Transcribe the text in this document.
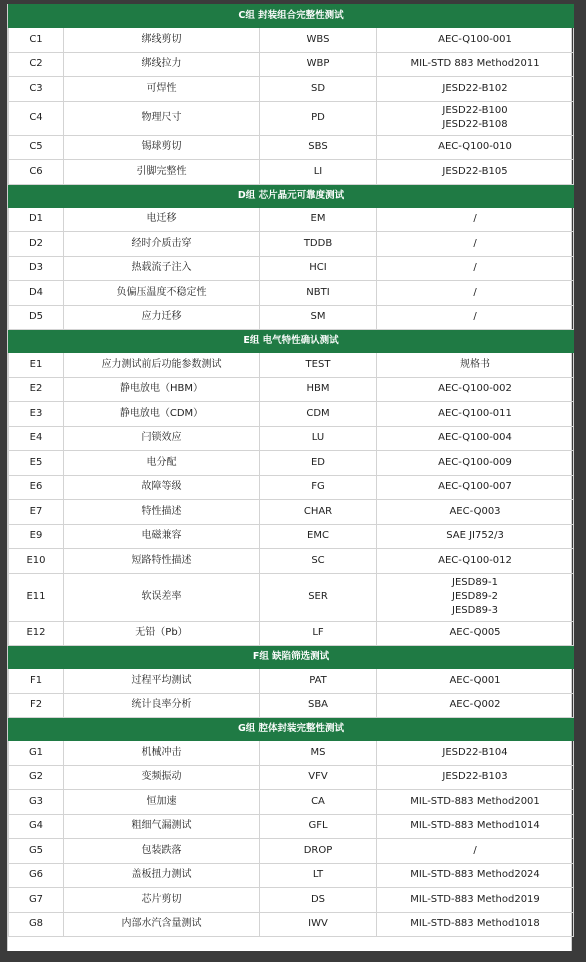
C组 封装组合完整性测试			
C1	绑线剪切	WBS	AEC-Q100-001

C2	绑线拉力	WBP	MIL-STD 883 Method2011

C3	可焊性	SD	JESD22-B102

C4	物理尺寸	PD	JESD22-B100
JESD22-B108

C5	锡球剪切	SBS	AEC-Q100-010

C6	引脚完整性	LI	JESD22-B105

D组 芯片晶元可靠度测试			
D1	电迁移	EM	/

D2	经时介质击穿	TDDB	/

D3	热载流子注入	HCI	/

D4	负偏压温度不稳定性	NBTI	/

D5	应力迁移	SM	/

E组 电气特性确认测试			
E1	应力测试前后功能参数测试	TEST	规格书

E2	静电放电（HBM）	HBM	AEC-Q100-002

E3	静电放电（CDM）	CDM	AEC-Q100-011

E4	闩锁效应	LU	AEC-Q100-004

E5	电分配	ED	AEC-Q100-009

E6	故障等级	FG	AEC-Q100-007

E7	特性描述	CHAR	AEC-Q003

E9	电磁兼容	EMC	SAE JI752/3

E10	短路特性描述	SC	AEC-Q100-012

E11	软误差率	SER	JESD89-1
JESD89-2
JESD89-3

E12	无铅（Pb）	LF	AEC-Q005

F组 缺陷筛选测试			
F1	过程平均测试	PAT	AEC-Q001

F2	统计良率分析	SBA	AEC-Q002

G组 腔体封装完整性测试			
G1	机械冲击	MS	JESD22-B104

G2	变频振动	VFV	JESD22-B103

G3	恒加速	CA	MIL-STD-883 Method2001

G4	粗细气漏测试	GFL	MIL-STD-883 Method1014

G5	包装跌落	DROP	/

G6	盖板扭力测试	LT	MIL-STD-883 Method2024

G7	芯片剪切	DS	MIL-STD-883 Method2019

G8	内部水汽含量测试	IWV	MIL-STD-883 Method1018
